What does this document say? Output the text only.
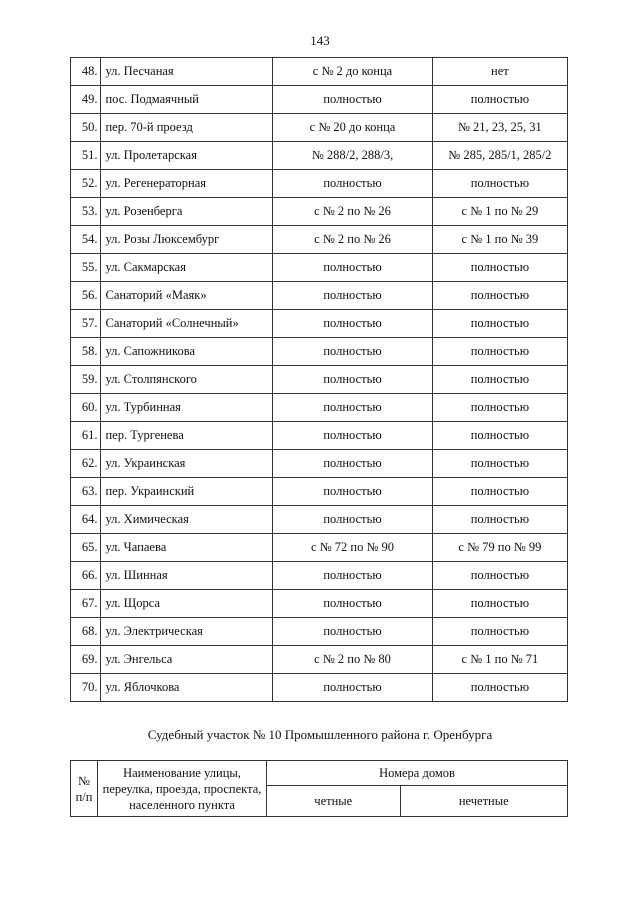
143
48.	ул. Песчаная	с № 2 до конца	нет
49.	пос. Подмаячный	полностью	полностью
50.	пер. 70-й проезд	с № 20 до конца	№ 21, 23, 25, 31
51.	ул. Пролетарская	№ 288/2, 288/3,	№ 285, 285/1, 285/2
52.	ул. Регенераторная	полностью	полностью
53.	ул. Розенберга	с № 2 по № 26	с № 1 по № 29
54.	ул. Розы Люксембург	с № 2 по № 26	с № 1 по № 39
55.	ул. Сакмарская	полностью	полностью
56.	Санаторий «Маяк»	полностью	полностью
57.	Санаторий «Солнечный»	полностью	полностью
58.	ул. Сапожникова	полностью	полностью
59.	ул. Столпянского	полностью	полностью
60.	ул. Турбинная	полностью	полностью
61.	пер. Тургенева	полностью	полностью
62.	ул. Украинская	полностью	полностью
63.	пер. Украинский	полностью	полностью
64.	ул. Химическая	полностью	полностью
65.	ул. Чапаева	с № 72 по № 90	с № 79 по № 99
66.	ул. Шинная	полностью	полностью
67.	ул. Щорса	полностью	полностью
68.	ул. Электрическая	полностью	полностью
69.	ул. Энгельса	с № 2 по № 80	с № 1 по № 71
70.	ул. Яблочкова	полностью	полностью
Судебный участок № 10 Промышленного района г. Оренбурга
№ п/п	Наименование улицы, переулка, проезда, проспекта, населенного пункта	Номера домов	
		четные	нечетные
